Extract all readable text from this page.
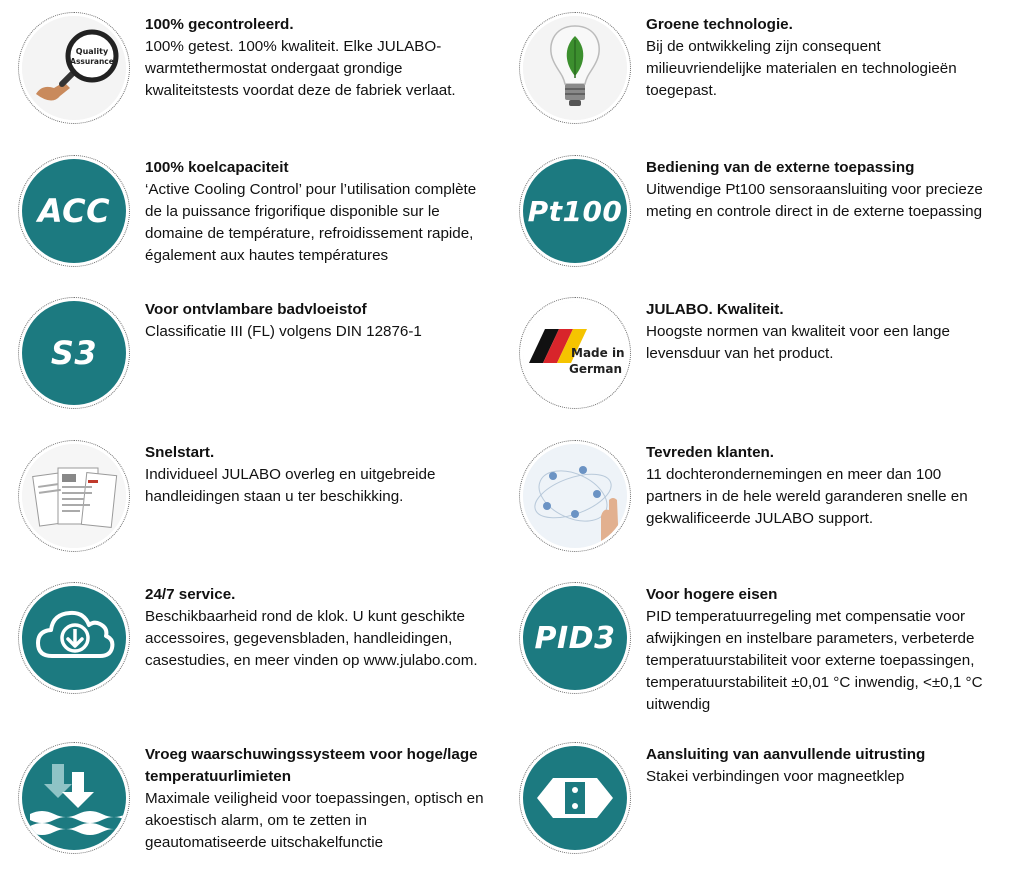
Quality
Assurance
100% gecontroleerd.
100% getest. 100% kwaliteit. Elke JULABO-
warmtethermostat ondergaat grondige
kwaliteitstests voordat deze de fabriek verlaat.
Groene technologie.
Bij de ontwikkeling zijn consequent
milieuvriendelijke materialen en technologieën
toegepast.
ACC
100% koelcapaciteit
‘Active Cooling Control’ pour l’utilisation complète
de la puissance frigorifique disponible sur le
domaine de température, refroidissement rapide,
également aux hautes températures
Pt100
Bediening van de externe toepassing
Uitwendige Pt100 sensoraansluiting voor precieze
meting en controle direct in de externe toepassing
S3
Voor ontvlambare badvloeistof
Classificatie III (FL) volgens DIN 12876-1
Made in
German
JULABO. Kwaliteit.
Hoogste normen van kwaliteit voor een lange
levensduur van het product.
Snelstart.
Individueel JULABO overleg en uitgebreide
handleidingen staan u ter beschikking.
Tevreden klanten.
11 dochterondernemingen en meer dan 100
partners in de hele wereld garanderen snelle en
gekwalificeerde JULABO support.
24/7 service.
Beschikbaarheid rond de klok. U kunt geschikte
accessoires, gegevensbladen, handleidingen,
casestudies, en meer vinden op www.julabo.com.
PID3
Voor hogere eisen
PID temperatuurregeling met compensatie voor
afwijkingen en instelbare parameters, verbeterde
temperatuurstabiliteit voor externe toepassingen,
temperatuurstabiliteit ±0,01 °C inwendig, <±0,1 °C
uitwendig
Vroeg waarschuwingssysteem voor hoge/lage
temperatuurlimieten
Maximale veiligheid voor toepassingen, optisch en
akoestisch alarm, om te zetten in
geautomatiseerde uitschakelfunctie
Aansluiting van aanvullende uitrusting
Stakei verbindingen voor magneetklep
